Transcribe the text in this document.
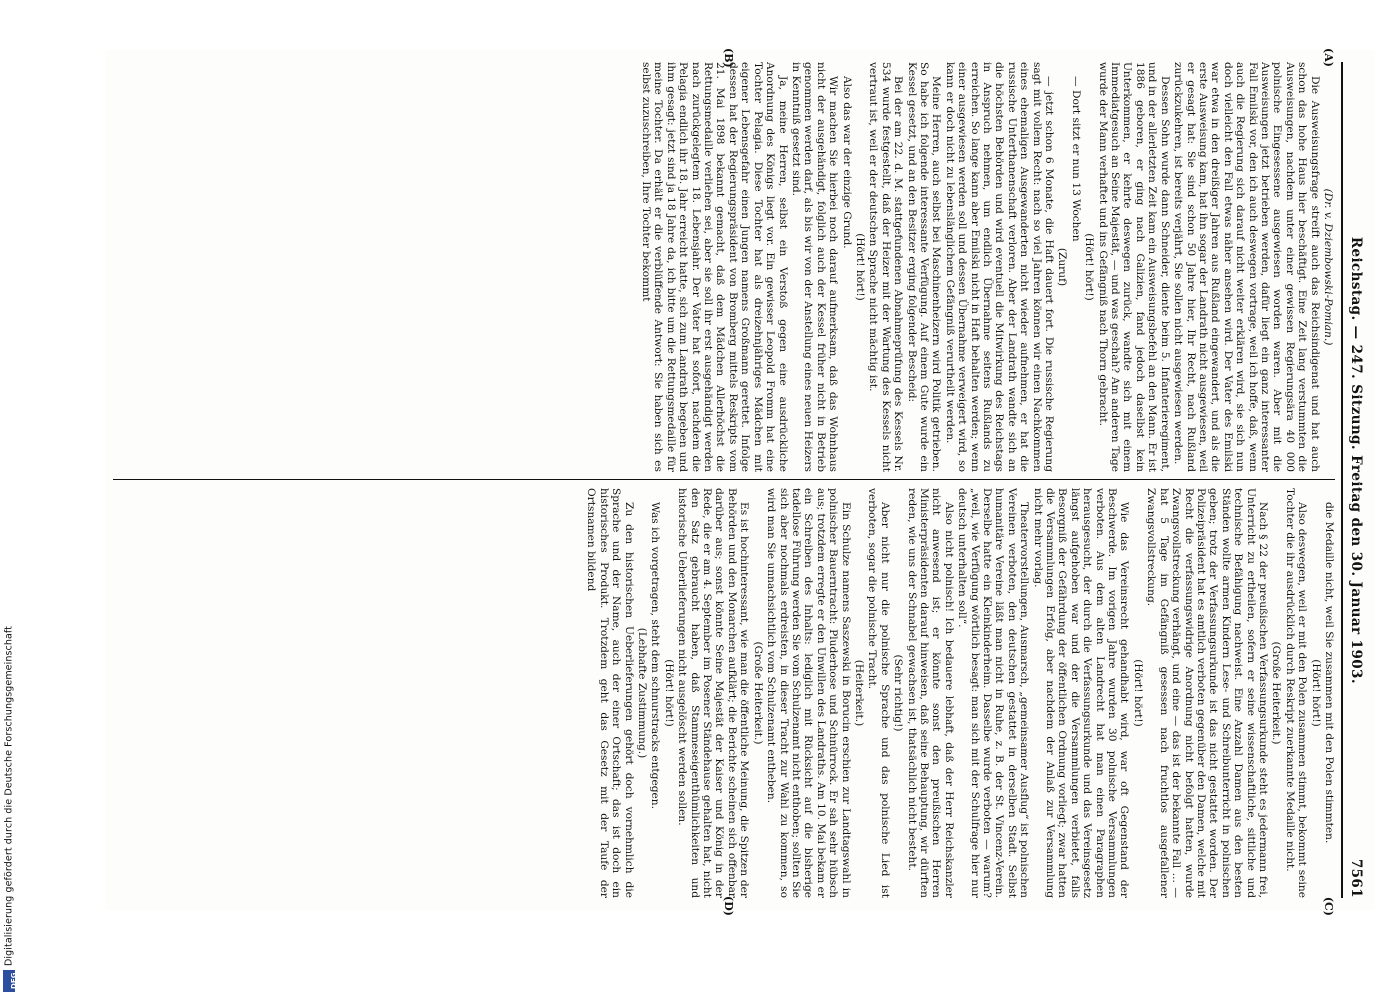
DFG
Digitalisierung gefördert durch die Deutsche Forschungsgemeinschaft
Reichstag. — 247. Sitzung. Freitag den 30. Januar 1903.
7561
(A)
(B)
(C)
(D)

(Dr. v. Dziembowski-Pomian.)

Die Ausweisungsfrage streift auch das Reichsindigenat und hat auch schon das hohe Haus hier beschäftigt. Eine Zeit lang verstummten die Ausweisungen, nachdem unter einer gewissen Regierungsära 40 000 polnische Eingesessene ausgewiesen worden waren. Aber mit die Ausweisungen jetzt betrieben werden, dafür liegt ein ganz interessanter Fall Emilski vor, den ich auch deswegen vortrage, weil ich hoffe, daß, wenn auch die Regierung sich darauf nicht weiter erklären wird, sie sich nun doch vielleicht den Fall etwas näher ansehen wird. Der Vater des Emilski war etwa in den dreißiger Jahren aus Rußland eingewandert, und als die erste Ausweisung kam, hat ihn sogar der Landrath nicht ausgewiesen, weil er gesagt hat: Sie sind schon 50 Jahre hier, Ihr Recht, nach Rußland zurückzukehren, ist bereits verjährt, Sie sollen nicht ausgewiesen werden.

Dessen Sohn wurde dann Schneider, diente beim 5. Infanterieregiment, und in der allerletzten Zeit kam ein Ausweisungsbefehl an den Mann. Er ist 1886 geboren, er ging nach Galizien, fand jedoch daselbst kein Unterkommen, er kehrte deswegen zurück, wandte sich mit einem Immediatgesuch an Seine Majestät, — und was geschah? Am anderen Tage wurde der Mann verhaftet und ins Gefängniß nach Thorn gebracht.

(Hört! hört!)

— Dort sitzt er nun 13 Wochen

(Zuruf)

— jetzt schon 6 Monate, die Haft dauert fort. Die russische Regierung sagt mit vollem Recht: nach so viel Jahren können wir einen Nachkommen eines ehemaligen Ausgewanderten nicht wieder aufnehmen, er hat die russische Unterthanenschaft verloren. Aber der Landrath wandte sich an die höchsten Behörden und wird eventuell die Mitwirkung des Reichstags in Anspruch nehmen, um endlich Übernahme seitens Rußlands zu erreichen. So lange kann aber Emilski nicht in Haft behalten werden; wenn einer ausgewiesen werden soll und dessen Übernahme verweigert wird, so kann er doch nicht zu lebenslänglichem Gefängniß verurtheilt werden.

Meine Herren, auch selbst bei Maschinenheizern wird Politik getrieben. So habe ich folgende interessante Verfügung. Auf einem Gute wurde ein Kessel gesetzt, und an den Besitzer erging folgender Bescheid:

Bei der am 22. d. M. stattgefundenen Abnahmeprüfung des Kessels Nr. 534 wurde festgestellt, daß der Heizer mit der Wartung des Kessels nicht vertraut ist, weil er der deutschen Sprache nicht mächtig ist.

(Hört! hört!)

Also das war der einzige Grund.

Wir machen Sie hierbei noch darauf aufmerksam, daß das Wohnhaus nicht der ausgehändigt, folglich auch der Kessel früher nicht in Betrieb genommen werden darf, als bis wir von der Anstellung eines neuen Heizers in Kenntniß gesetzt sind.

Ja, meine Herren, selbst ein Verstoß gegen eine ausdrückliche Anordnung des Königs liegt vor. Ein gewisser Leopold Fromm hat eine Tochter Pelagia. Diese Tochter hat als dreizehnjähriges Mädchen mit eigener Lebensgefahr einen Jungen namens Großmann gerettet. Infolge dessen hat der Regierungspräsident von Bromberg mittels Reskripts vom 21. Mai 1898 bekannt gemacht, daß dem Mädchen Allerhöchst die Rettungsmedaille verliehen sei, aber sie soll ihr erst ausgehändigt werden nach zurückgelegtem 18. Lebensjahr. Der Vater hat sofort, nachdem die Pelagia endlich ihr 18. Jahr erreicht hatte, sich zum Landrath begeben und ihm gesagt: jetzt sind ja 18 Jahre da, ich bitte um die Rettungsmedaille für meine Tochter. Da erhält er die verblüffende Antwort: Sie haben sich es selbst zuzuschreiben, Ihre Tochter bekommt

die Medaille nicht, weil Sie zusammen mit den Polen stimmten.

(Hört! hört!)

Also deswegen, weil er mit den Polen zusammen stimmt, bekommt seine Tochter die ihr ausdrücklich durch Reskript zuerkannte Medaille nicht.

(Große Heiterkeit.)

Nach § 22 der preußischen Verfassungsurkunde steht es jedermann frei, Unterricht zu ertheilen, sofern er seine wissenschaftliche, sittliche und technische Befähigung nachweist. Eine Anzahl Damen aus den besten Ständen wollte armen Kindern Lese- und Schreibunterricht in polnischen geben; trotz der Verfassungsurkunde ist das nicht gestattet worden. Der Polizeipräsident hat es amtlich verboten gegenüber den Damen, welche mit Recht die verfassungswidrige Anordnung nicht befolgt hatten, wurde Zwangsvollstreckung verhängt, und eine — das ist der bekannte Fall ... — hat 5 Tage im Gefängniß gesessen nach fruchtlos ausgefallener Zwangsvollstreckung.

(Hört! hört!)

Wie das Vereinsrecht gehandhabt wird, war oft Gegenstand der Beschwerde. Im vorigen Jahre wurden 30 polnische Versammlungen verboten. Aus dem alten Landrecht hat man einen Paragraphen herausgesucht, der durch die Verfassungsurkunde und das Vereinsgesetz längst aufgehoben war und der die Versammlungen verbietet, falls Besorgniß der Gefährdung der öffentlichen Ordnung vorliegt; zwar hatten die Versammlungen Erfolg, aber nachdem der Anlaß zur Versammlung nicht mehr vorlag.

Theatervorstellungen, Ausmarsch, „gemeinsamer Ausflug“ ist polnischen Vereinen verboten, den deutschen gestattet in derselben Stadt. Selbst humanitäre Vereine läßt man nicht in Ruhe, z. B. der St. Vincenz-Verein. Derselbe hatte ein Kleinkinderheim. Dasselbe wurde verboten — warum? „weil, wie Verfügung wörtlich besagt: man sich mit der Schulfrage hier nur deutsch unterhalten soll“.

Also nicht polnisch! Ich bedauere lebhaft, daß der Herr Reichskanzler nicht anwesend ist; er könnte sonst den preußischen Herren Ministerpräsidenten darauf hinweisen, daß seine Behauptung, wir dürften reden, wie uns der Schnabel gewachsen ist, thatsächlich nicht besteht.

(Sehr richtig!)

Aber nicht nur die polnische Sprache und das polnische Lied ist verboten, sogar die polnische Tracht.

(Heiterkeit.)

Ein Schulze namens Saszewski in Borucin erschien zur Landtagswahl in polnischer Bauerntracht: Pluderhose und Schnürrock. Er sah sehr hübsch aus; trotzdem erregte er den Unwillen des Landraths. Am 10. Mai bekam er ein Schreiben des Inhalts: lediglich mit Rücksicht auf die bisherige tadellose Führung werden Sie vom Schulzenamt nicht enthoben; sollten Sie sich aber nochmals erdreisten, in dieser Tracht zur Wahl zu kommen, so wird man Sie unnachsichtlich vom Schulzenamt entheben.

(Große Heiterkeit.)

Es ist hochinteressant, wie man die öffentliche Meinung, die Spitzen der Behörden und den Monarchen aufklärt; die Berichte scheinen sich offenbar darüber aus; sonst könnte Seine Majestät der Kaiser und König in der Rede, die er am 4. September im Posener Ständehause gehalten hat, nicht den Satz gebraucht haben, daß Stammeseigenthümlichkeiten und historische Ueberlieferungen nicht ausgelöscht werden sollen.

(Hört! hört!)

Was ich vorgetragen, steht dem schnurstracks entgegen.

(Lebhafte Zustimmung.)

Zu den historischen Ueberlieferungen gehört doch vornehmlich die Sprache und der Name, auch der einer Ortschaft; das ist doch ein historisches Produkt. Trotzdem geht das Gesetz mit der Taufe der Ortsnamen bildend
